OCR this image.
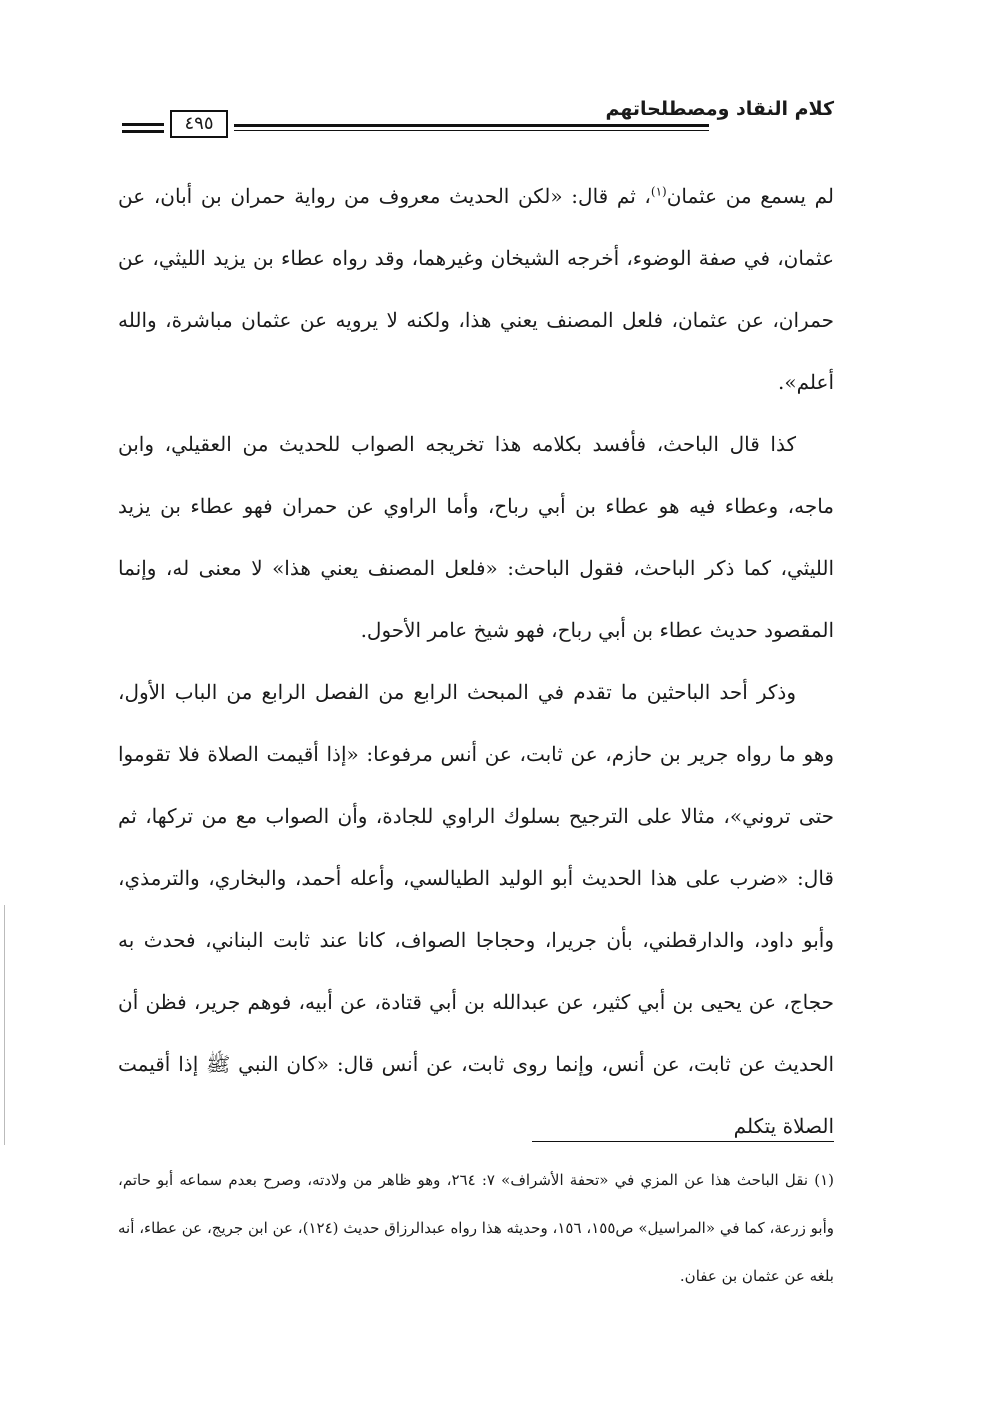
كلام النقاد ومصطلحاتهم
٤٩٥

لم يسمع من عثمان$^{(١)}$، ثم قال: «لكن الحديث معروف من رواية حمران بن أبان، عن عثمان، في صفة الوضوء، أخرجه الشيخان وغيرهما، وقد رواه عطاء بن يزيد الليثي، عن حمران، عن عثمان، فلعل المصنف يعني هذا، ولكنه لا يرويه عن عثمان مباشرة، والله أعلم».

كذا قال الباحث، فأفسد بكلامه هذا تخريجه الصواب للحديث من العقيلي، وابن ماجه، وعطاء فيه هو عطاء بن أبي رباح، وأما الراوي عن حمران فهو عطاء بن يزيد الليثي، كما ذكر الباحث، فقول الباحث: «فلعل المصنف يعني هذا» لا معنى له، وإنما المقصود حديث عطاء بن أبي رباح، فهو شيخ عامر الأحول.

وذكر أحد الباحثين ما تقدم في المبحث الرابع من الفصل الرابع من الباب الأول، وهو ما رواه جرير بن حازم، عن ثابت، عن أنس مرفوعا: «إذا أقيمت الصلاة فلا تقوموا حتى تروني»، مثالا على الترجيح بسلوك الراوي للجادة، وأن الصواب مع من تركها، ثم قال: «ضرب على هذا الحديث أبو الوليد الطيالسي، وأعله أحمد، والبخاري، والترمذي، وأبو داود، والدارقطني، بأن جريرا، وحجاجا الصواف، كانا عند ثابت البناني، فحدث به حجاج، عن يحيى بن أبي كثير، عن عبدالله بن أبي قتادة، عن أبيه، فوهم جرير، فظن أن الحديث عن ثابت، عن أنس، وإنما روى ثابت، عن أنس قال: «كان النبي ﷺ إذا أقيمت الصلاة يتكلم

(١) نقل الباحث هذا عن المزي في «تحفة الأشراف» ٧: ٢٦٤، وهو ظاهر من ولادته، وصرح بعدم سماعه أبو حاتم، وأبو زرعة، كما في «المراسيل» ص١٥٥، ١٥٦، وحديثه هذا رواه عبدالرزاق حديث (١٢٤)، عن ابن جريج، عن عطاء، أنه بلغه عن عثمان بن عفان.
